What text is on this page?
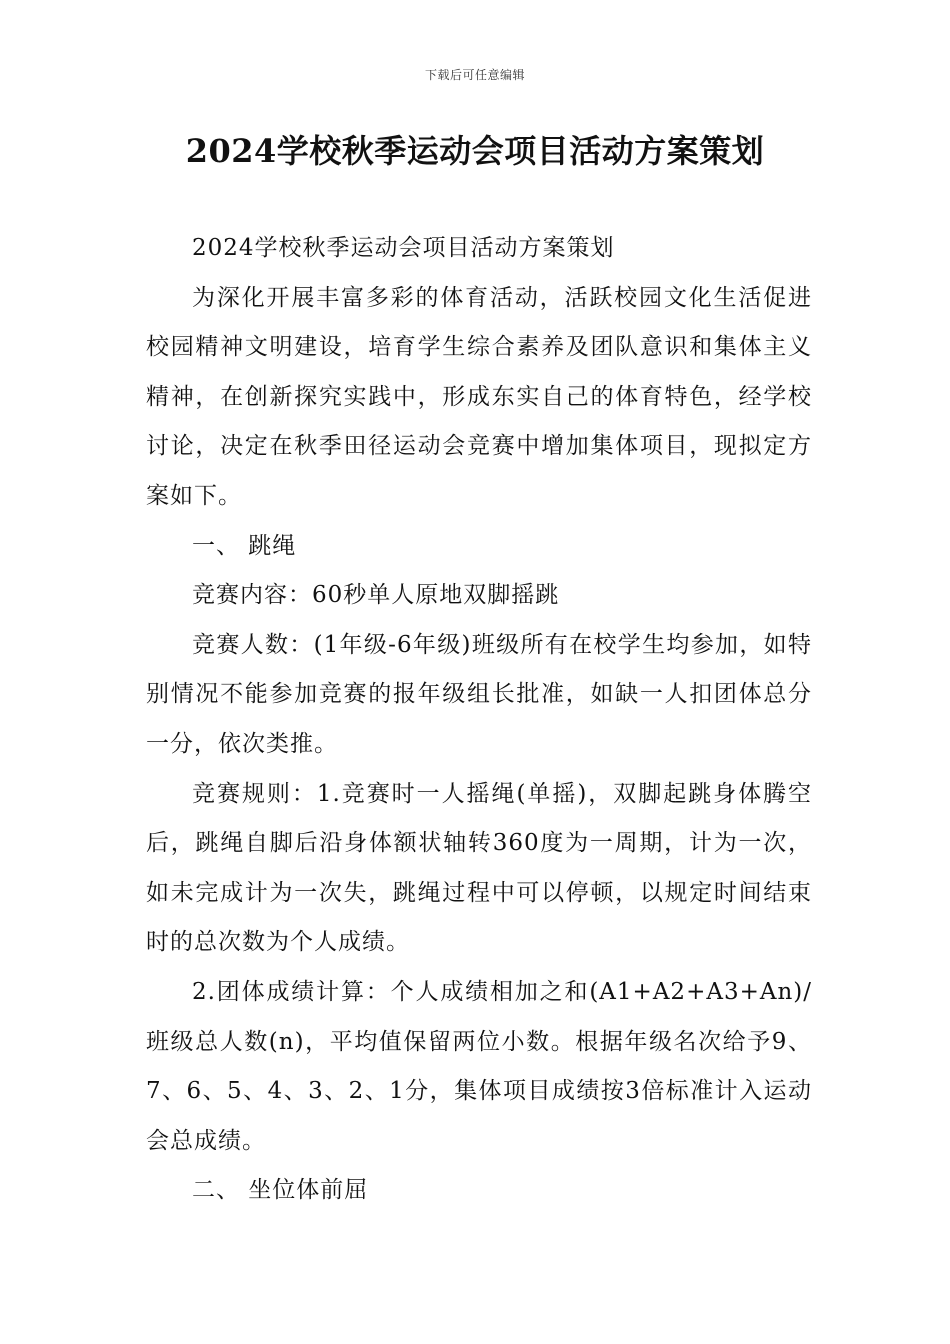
下载后可任意编辑
2024学校秋季运动会项目活动方案策划

2024学校秋季运动会项目活动方案策划

为深化开展丰富多彩的体育活动，活跃校园文化生活促进校园精神文明建设，培育学生综合素养及团队意识和集体主义精神，在创新探究实践中，形成东实自己的体育特色，经学校讨论，决定在秋季田径运动会竞赛中增加集体项目，现拟定方案如下。

一、 跳绳

竞赛内容：60秒单人原地双脚摇跳

竞赛人数：(1年级-6年级)班级所有在校学生均参加，如特别情况不能参加竞赛的报年级组长批准，如缺一人扣团体总分一分，依次类推。

竞赛规则：1.竞赛时一人摇绳(单摇)，双脚起跳身体腾空后，跳绳自脚后沿身体额状轴转360度为一周期，计为一次，如未完成计为一次失，跳绳过程中可以停顿，以规定时间结束时的总次数为个人成绩。

2.团体成绩计算：个人成绩相加之和(A1+A2+A3+An)/班级总人数(n)，平均值保留两位小数。根据年级名次给予9、7、6、5、4、3、2、1分，集体项目成绩按3倍标准计入运动会总成绩。

二、 坐位体前屈
